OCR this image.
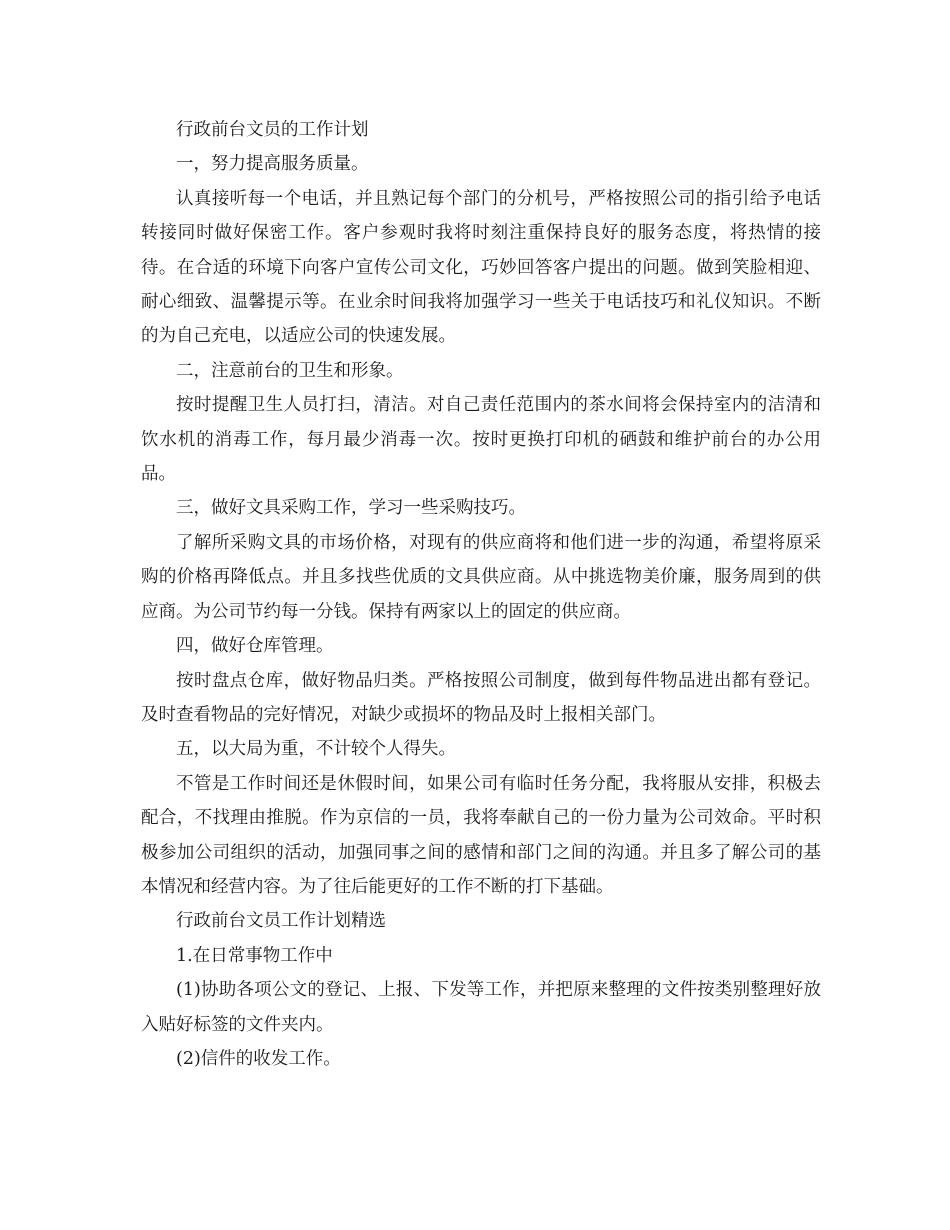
行政前台文员的工作计划

一，努力提高服务质量。

认真接听每一个电话，并且熟记每个部门的分机号，严格按照公司的指引给予电话转接同时做好保密工作。客户参观时我将时刻注重保持良好的服务态度，将热情的接待。在合适的环境下向客户宣传公司文化，巧妙回答客户提出的问题。做到笑脸相迎、耐心细致、温馨提示等。在业余时间我将加强学习一些关于电话技巧和礼仪知识。不断的为自己充电，以适应公司的快速发展。

二，注意前台的卫生和形象。

按时提醒卫生人员打扫，清洁。对自己责任范围内的茶水间将会保持室内的洁清和饮水机的消毒工作，每月最少消毒一次。按时更换打印机的硒鼓和维护前台的办公用品。

三，做好文具采购工作，学习一些采购技巧。

了解所采购文具的市场价格，对现有的供应商将和他们进一步的沟通，希望将原采购的价格再降低点。并且多找些优质的文具供应商。从中挑选物美价廉，服务周到的供应商。为公司节约每一分钱。保持有两家以上的固定的供应商。

四，做好仓库管理。

按时盘点仓库，做好物品归类。严格按照公司制度，做到每件物品进出都有登记。及时查看物品的完好情况，对缺少或损坏的物品及时上报相关部门。

五，以大局为重，不计较个人得失。

不管是工作时间还是休假时间，如果公司有临时任务分配，我将服从安排，积极去配合，不找理由推脱。作为京信的一员，我将奉献自己的一份力量为公司效命。平时积极参加公司组织的活动，加强同事之间的感情和部门之间的沟通。并且多了解公司的基本情况和经营内容。为了往后能更好的工作不断的打下基础。

行政前台文员工作计划精选

1.在日常事物工作中

(1)协助各项公文的登记、上报、下发等工作，并把原来整理的文件按类别整理好放入贴好标签的文件夹内。

(2)信件的收发工作。
